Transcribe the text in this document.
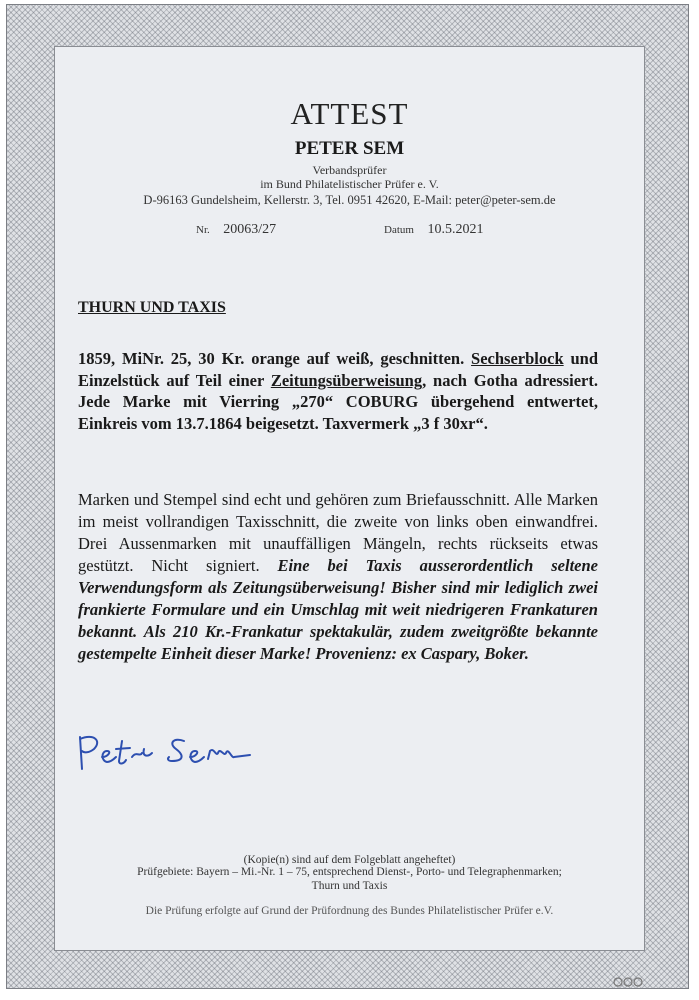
ATTEST
PETER SEM
Verbandsprüfer
im Bund Philatelistischer Prüfer e. V.
D-96163 Gundelsheim, Kellerstr. 3, Tel. 0951 42620, E-Mail: peter@peter-sem.de
Nr. 20063/27	Datum 10.5.2021
THURN UND TAXIS
1859, MiNr. 25, 30 Kr. orange auf weiß, geschnitten. Sechserblock und Einzelstück auf Teil einer Zeitungsüberweisung, nach Gotha adressiert. Jede Marke mit Vierring „270“ COBURG übergehend entwertet, Einkreis vom 13.7.1864 beigesetzt. Taxvermerk „3 f 30xr“.
Marken und Stempel sind echt und gehören zum Briefausschnitt. Alle Marken im meist vollrandigen Taxisschnitt, die zweite von links oben einwandfrei. Drei Aussenmarken mit unauffälligen Mängeln, rechts rückseits etwas gestützt. Nicht signiert. Eine bei Taxis ausserordentlich seltene Verwendungsform als Zeitungsüberweisung! Bisher sind mir lediglich zwei frankierte Formulare und ein Umschlag mit weit niedrigeren Frankaturen bekannt. Als 210 Kr.-Frankatur spektakulär, zudem zweitgrößte bekannte gestempelte Einheit dieser Marke! Provenienz: ex Caspary, Boker.
(Kopie(n) sind auf dem Folgeblatt angeheftet)
Prüfgebiete: Bayern – Mi.-Nr. 1 – 75, entsprechend Dienst-, Porto- und Telegraphenmarken;
Thurn und Taxis
Die Prüfung erfolgte auf Grund der Prüfordnung des Bundes Philatelistischer Prüfer e.V.
